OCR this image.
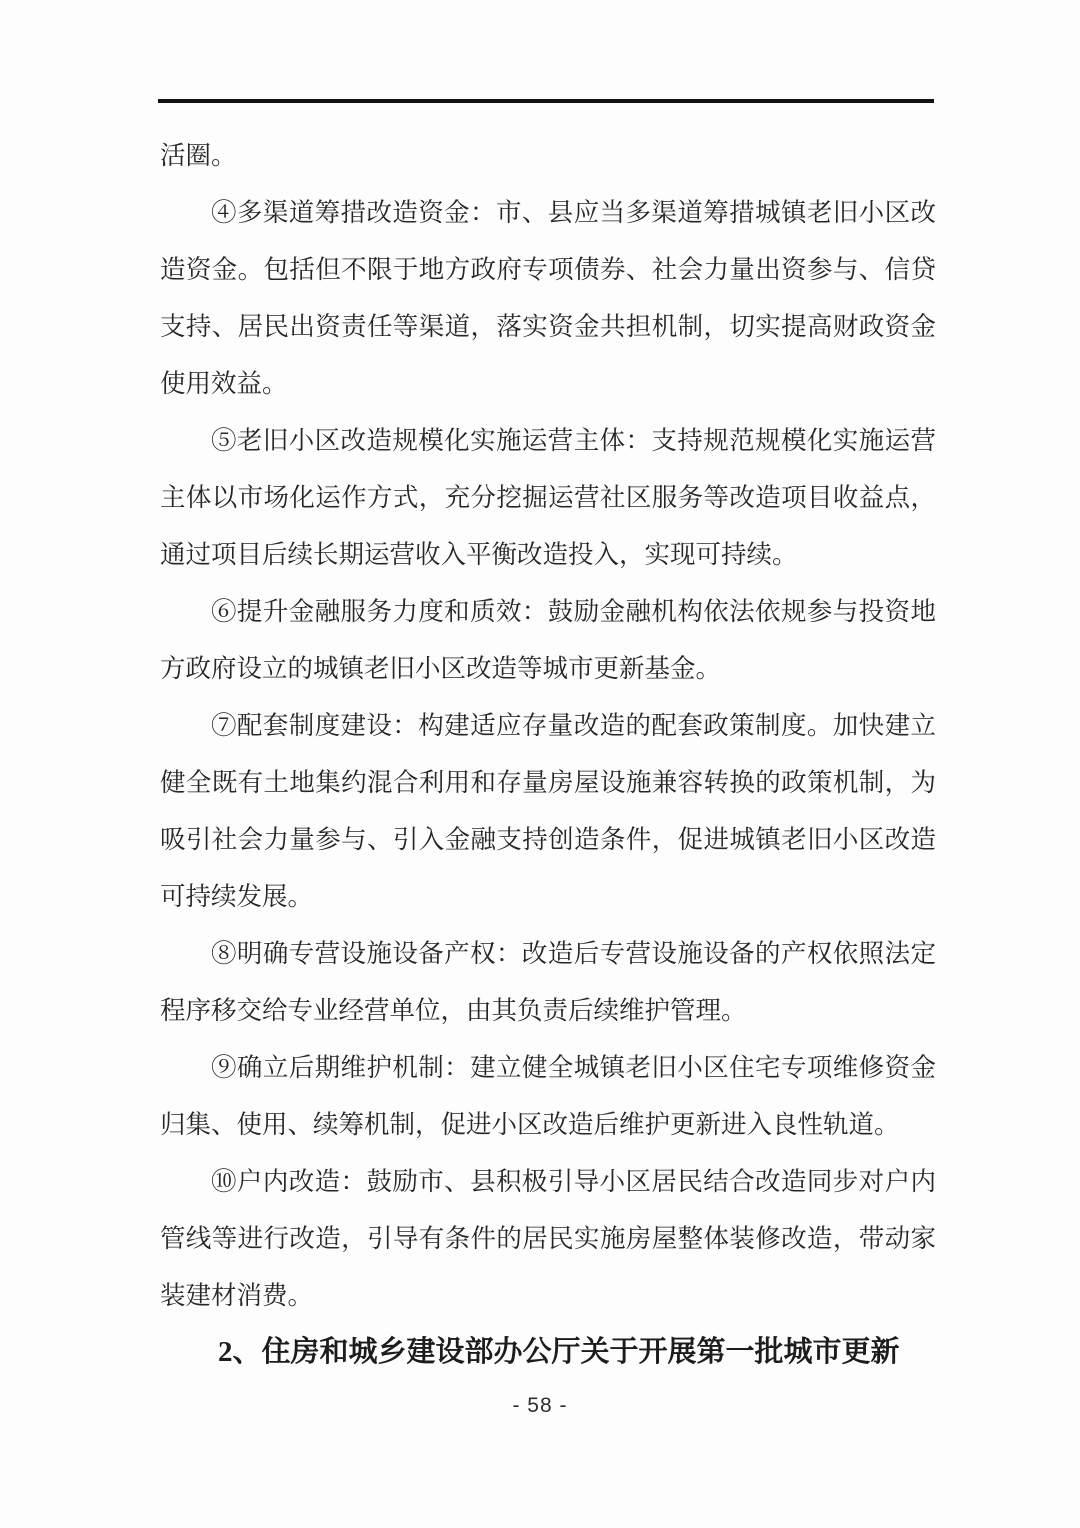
活圈。

④多渠道筹措改造资金：市、县应当多渠道筹措城镇老旧小区改造资金。包括但不限于地方政府专项债券、社会力量出资参与、信贷支持、居民出资责任等渠道，落实资金共担机制，切实提高财政资金使用效益。

⑤老旧小区改造规模化实施运营主体：支持规范规模化实施运营主体以市场化运作方式，充分挖掘运营社区服务等改造项目收益点，通过项目后续长期运营收入平衡改造投入，实现可持续。

⑥提升金融服务力度和质效：鼓励金融机构依法依规参与投资地方政府设立的城镇老旧小区改造等城市更新基金。

⑦配套制度建设：构建适应存量改造的配套政策制度。加快建立健全既有土地集约混合利用和存量房屋设施兼容转换的政策机制，为吸引社会力量参与、引入金融支持创造条件，促进城镇老旧小区改造可持续发展。

⑧明确专营设施设备产权：改造后专营设施设备的产权依照法定程序移交给专业经营单位，由其负责后续维护管理。

⑨确立后期维护机制：建立健全城镇老旧小区住宅专项维修资金归集、使用、续筹机制，促进小区改造后维护更新进入良性轨道。

⑩户内改造：鼓励市、县积极引导小区居民结合改造同步对户内管线等进行改造，引导有条件的居民实施房屋整体装修改造，带动家装建材消费。

2、住房和城乡建设部办公厅关于开展第一批城市更新
- 58 -
